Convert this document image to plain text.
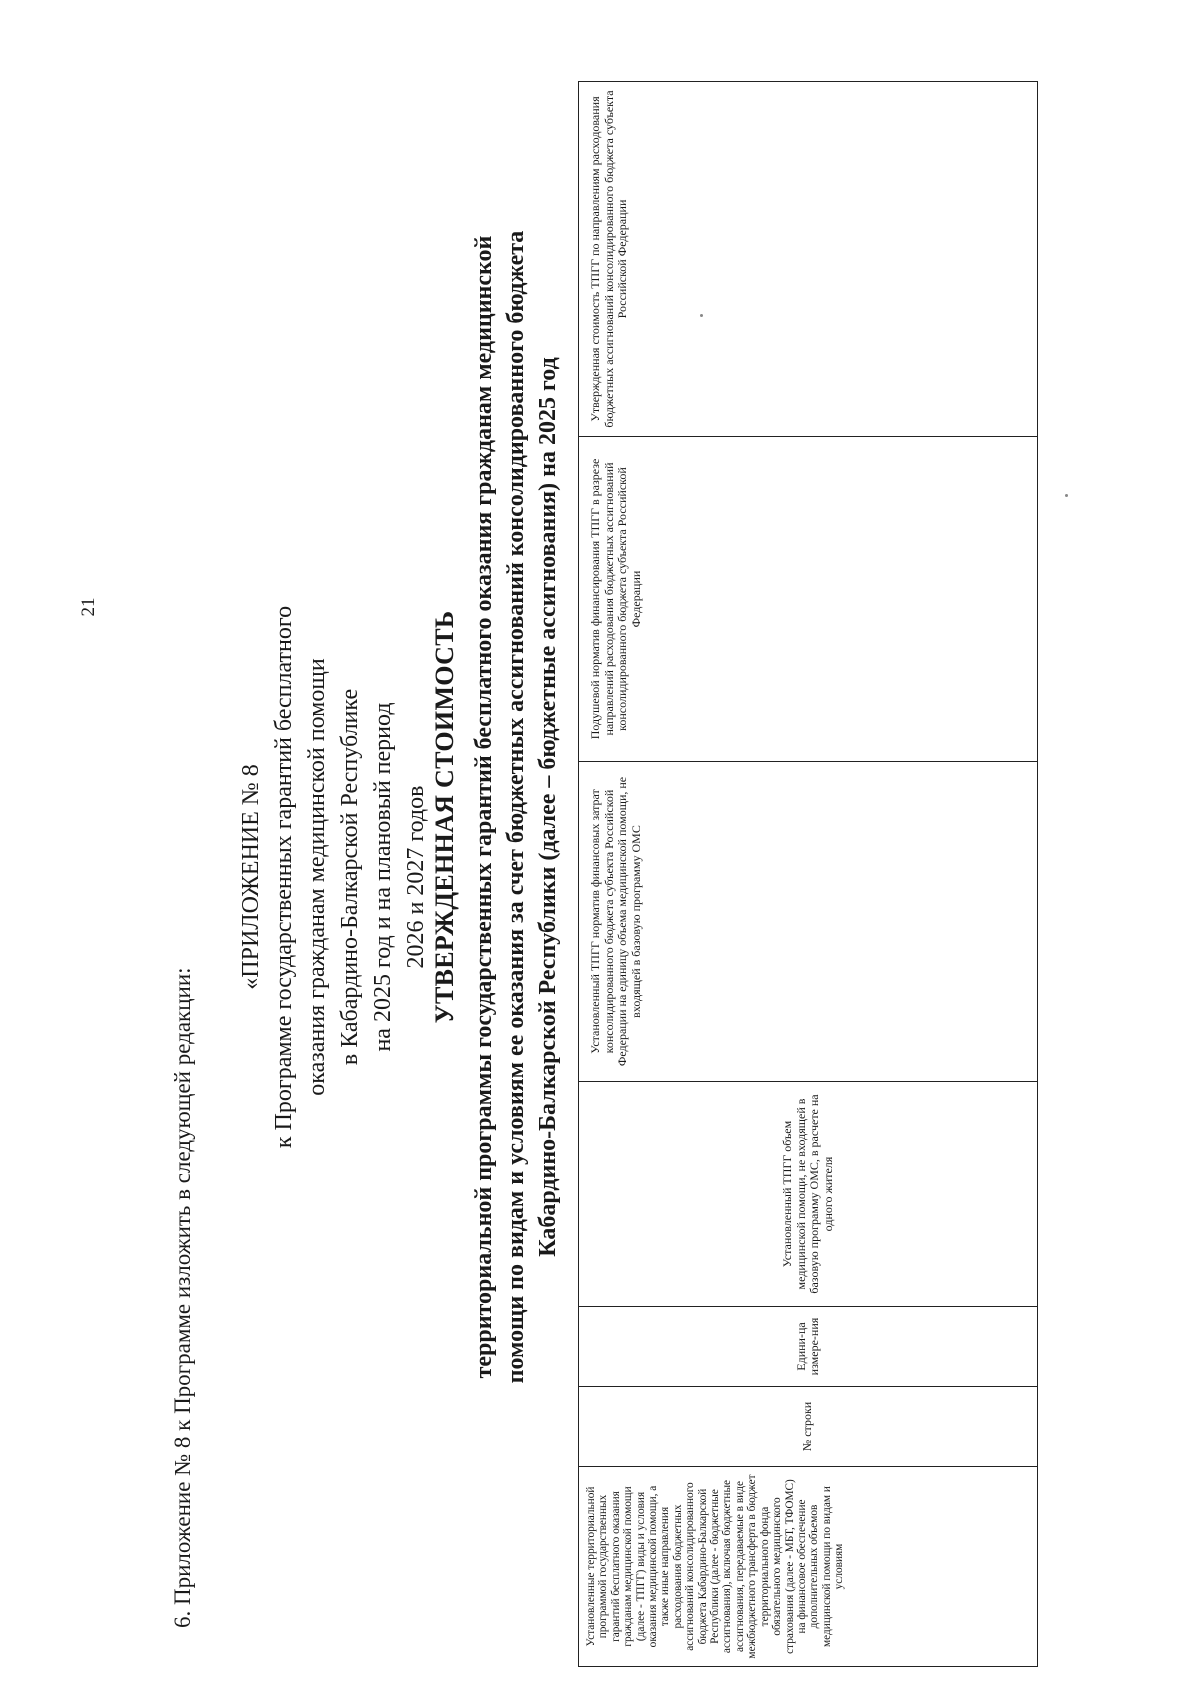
21
6. Приложение № 8 к Программе изложить в следующей редакции:
«ПРИЛОЖЕНИЕ № 8 к Программе государственных гарантий бесплатного оказания гражданам медицинской помощи в Кабардино-Балкарской Республике на 2025 год и на плановый период 2026 и 2027 годов УТВЕРЖДЕННАЯ СТОИМОСТЬ территориальной программы государственных гарантий бесплатного оказания гражданам медицинской помощи по видам и условиям ее оказания за счет бюджетных ассигнований консолидированного бюджета Кабардино-Балкарской Республики (далее – бюджетные ассигнования) на 2025 год
Установленные территориальной программой государственных гарантий бесплатного оказания гражданам медицинской помощи (далее - ТПГГ) виды и условия оказания медицинской помощи, а также иные направления расходования бюджетных ассигнований консолидированного бюджета Кабардино-Балкарской Республики (далее - бюджетные ассигнования), включая бюджетные ассигнования, передаваемые в виде межбюджетного трансферта в бюджет территориального фонда обязательного медицинского страхования (далее - МБТ, ТФОМС) на финансовое обеспечение дополнительных объемов медицинской помощи по видам и условиям	№ строки	Едини-ца измере-ния	Установленный ТПГГ объем медицинской помощи, не входящей в базовую программу ОМС, в расчете на одного жителя	Установленный ТПГГ норматив финансовых затрат консолидированного бюджета субъекта Российской Федерации на единицу объема медицинской помощи, не входящей в базовую программу ОМС	Подушевой норматив финансирования ТПГГ в разрезе направлений расходования бюджетных ассигнований консолидированного бюджета субъекта Российской Федерации	Утвержденная стоимость ТПГГ по направлениям расходования бюджетных ассигнований консолидированного бюджета субъекта Российской Федерации
